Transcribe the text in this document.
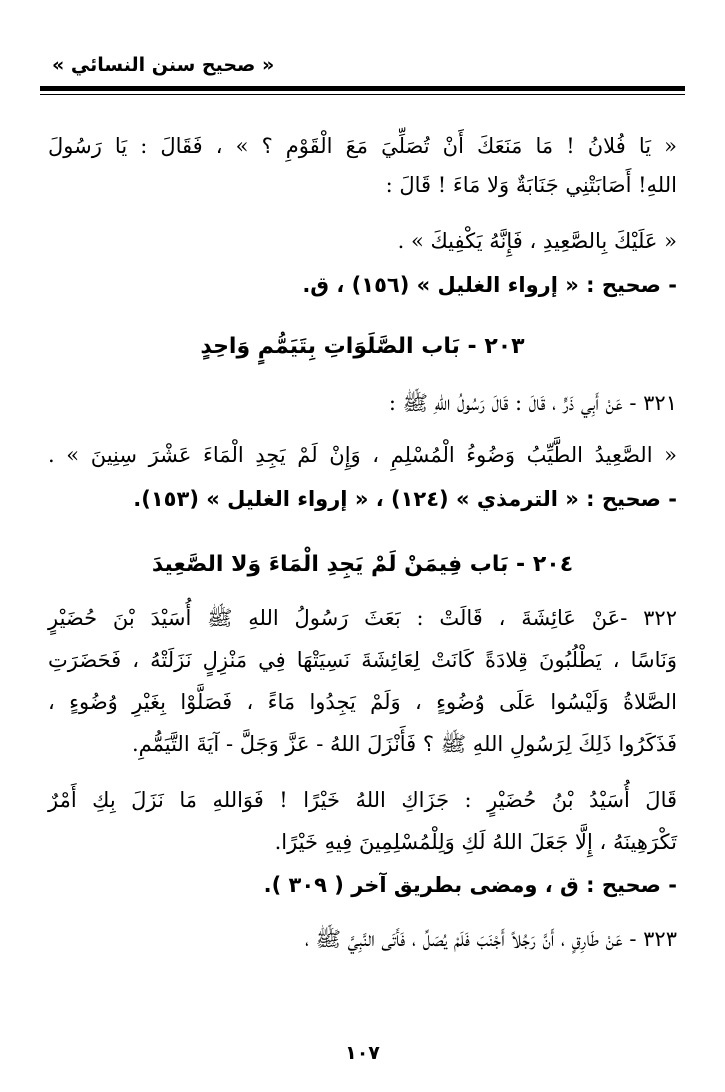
« صحيح سنن النسائي »
« يَا فُلانُ ! مَا مَنَعَكَ أَنْ تُصَلِّيَ مَعَ الْقَوْمِ ؟ » ، فَقَالَ : يَا رَسُولَ
اللهِ! أَصَابَتْنِي جَنَابَةٌ وَلا مَاءَ ! قَالَ :
« عَلَيْكَ بِالصَّعِيدِ ، فَإِنَّهُ يَكْفِيكَ » .
- صحيح : « إرواء الغليل » (١٥٦) ، ق.
٢٠٣ - بَاب الصَّلَوَاتِ بِتَيَمُّمٍ وَاحِدٍ
٣٢١ - عَنْ أَبِي ذَرٍّ ، قَالَ : قَالَ رَسُولُ اللهِ ﷺ :
« الصَّعِيدُ الطَّيِّبُ وَضُوءُ الْمُسْلِمِ ، وَإِنْ لَمْ يَجِدِ الْمَاءَ عَشْرَ سِنِينَ » .
- صحيح : « الترمذي » (١٢٤) ، « إرواء الغليل » (١٥٣).
٢٠٤ - بَاب فِيمَنْ لَمْ يَجِدِ الْمَاءَ وَلا الصَّعِيدَ
٣٢٢ -عَنْ عَائِشَةَ ، قَالَتْ : بَعَثَ رَسُولُ اللهِ ﷺ أُسَيْدَ بْنَ حُضَيْرٍ
وَنَاسًا ، يَطْلُبُونَ قِلادَةً كَانَتْ لِعَائِشَةَ نَسِيَتْهَا فِي مَنْزِلٍ نَزَلَتْهُ ، فَحَضَرَتِ
الصَّلاةُ وَلَيْسُوا عَلَى وُضُوءٍ ، وَلَمْ يَجِدُوا مَاءً ، فَصَلَّوْا بِغَيْرِ وُضُوءٍ ،
فَذَكَرُوا ذَلِكَ لِرَسُولِ اللهِ ﷺ ؟ فَأَنْزَلَ اللهُ - عَزَّ وَجَلَّ - آيَةَ التَّيَمُّمِ.
قَالَ أُسَيْدُ بْنُ حُضَيْرٍ : جَزَاكِ اللهُ خَيْرًا ! فَوَاللهِ مَا نَزَلَ بِكِ أَمْرٌ
تَكْرَهِينَهُ ، إِلَّا جَعَلَ اللهُ لَكِ وَلِلْمُسْلِمِينَ فِيهِ خَيْرًا.
- صحيح : ق ، ومضى بطريق آخر ( ٣٠٩ ).
٣٢٣ - عَنْ طَارِقٍ ، أَنَّ رَجُلاً أَجْنَبَ فَلَمْ يُصَلِّ ، فَأَتَى النَّبِيَّ ﷺ ،
١٠٧
